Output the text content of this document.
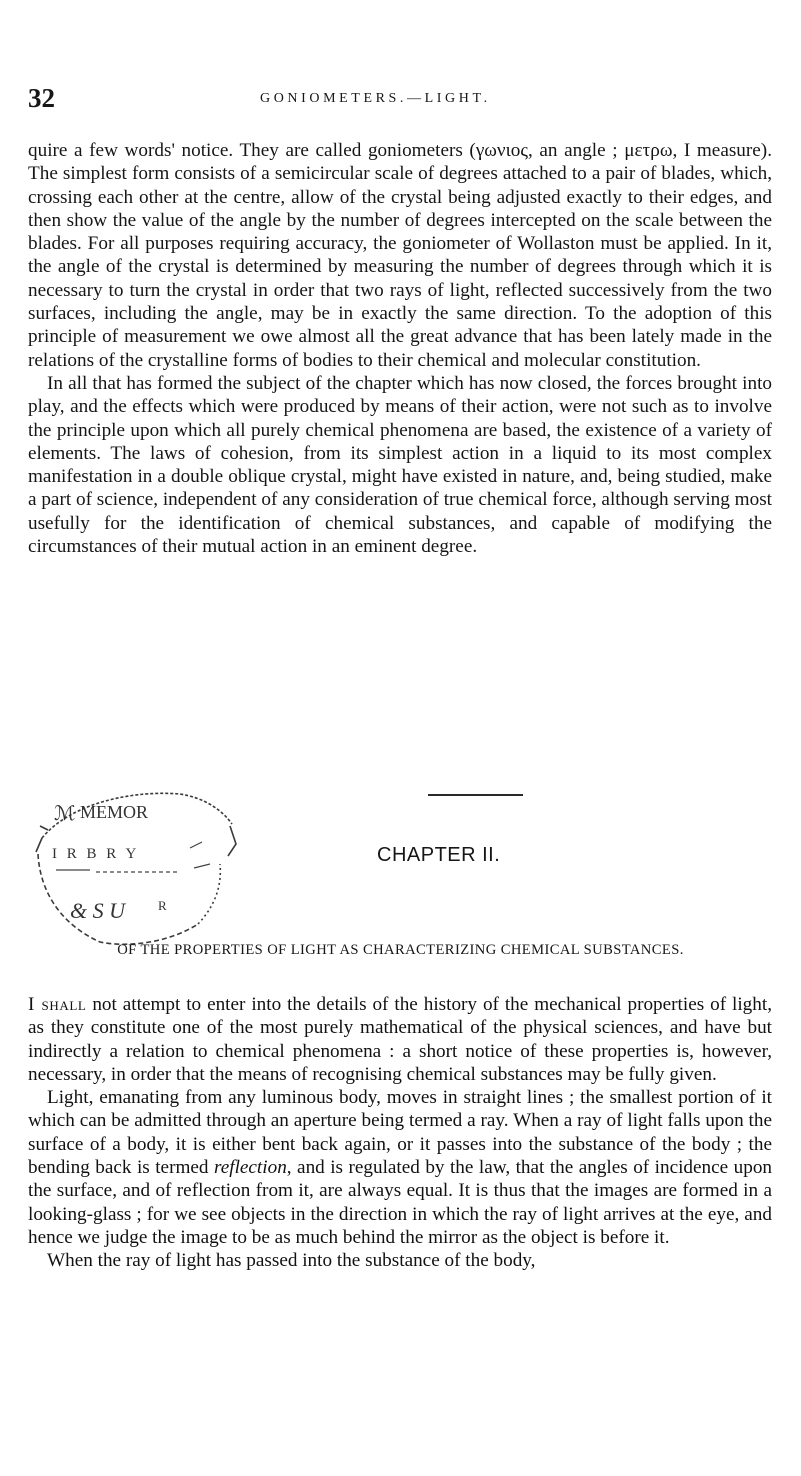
32	GONIOMETERS.—LIGHT.

quire a few words' notice. They are called goniometers (γωνιος, an angle ; μετρω, I measure). The simplest form consists of a semicircular scale of degrees attached to a pair of blades, which, crossing each other at the centre, allow of the crystal being adjusted exactly to their edges, and then show the value of the angle by the number of degrees intercepted on the scale between the blades. For all purposes requiring accuracy, the goniometer of Wollaston must be applied. In it, the angle of the crystal is determined by measuring the number of degrees through which it is necessary to turn the crystal in order that two rays of light, reflected successively from the two surfaces, including the angle, may be in exactly the same direction. To the adoption of this principle of measurement we owe almost all the great advance that has been lately made in the relations of the crystalline forms of bodies to their chemical and molecular constitution.

In all that has formed the subject of the chapter which has now closed, the forces brought into play, and the effects which were produced by means of their action, were not such as to involve the principle upon which all purely chemical phenomena are based, the existence of a variety of elements. The laws of cohesion, from its simplest action in a liquid to its most complex manifestation in a double oblique crystal, might have existed in nature, and, being studied, make a part of science, independent of any consideration of true chemical force, although serving most usefully for the identification of chemical substances, and capable of modifying the circumstances of their mutual action in an eminent degree.

ℳ MEMOR
I R B R Y
& S U	R
CHAPTER II.
OF THE PROPERTIES OF LIGHT AS CHARACTERIZING CHEMICAL SUBSTANCES.

I shall not attempt to enter into the details of the history of the mechanical properties of light, as they constitute one of the most purely mathematical of the physical sciences, and have but indirectly a relation to chemical phenomena : a short notice of these properties is, however, necessary, in order that the means of recognising chemical substances may be fully given.

Light, emanating from any luminous body, moves in straight lines ; the smallest portion of it which can be admitted through an aperture being termed a ray. When a ray of light falls upon the surface of a body, it is either bent back again, or it passes into the substance of the body ; the bending back is termed reflection, and is regulated by the law, that the angles of incidence upon the surface, and of reflection from it, are always equal. It is thus that the images are formed in a looking-glass ; for we see objects in the direction in which the ray of light arrives at the eye, and hence we judge the image to be as much behind the mirror as the object is before it.

When the ray of light has passed into the substance of the body,
